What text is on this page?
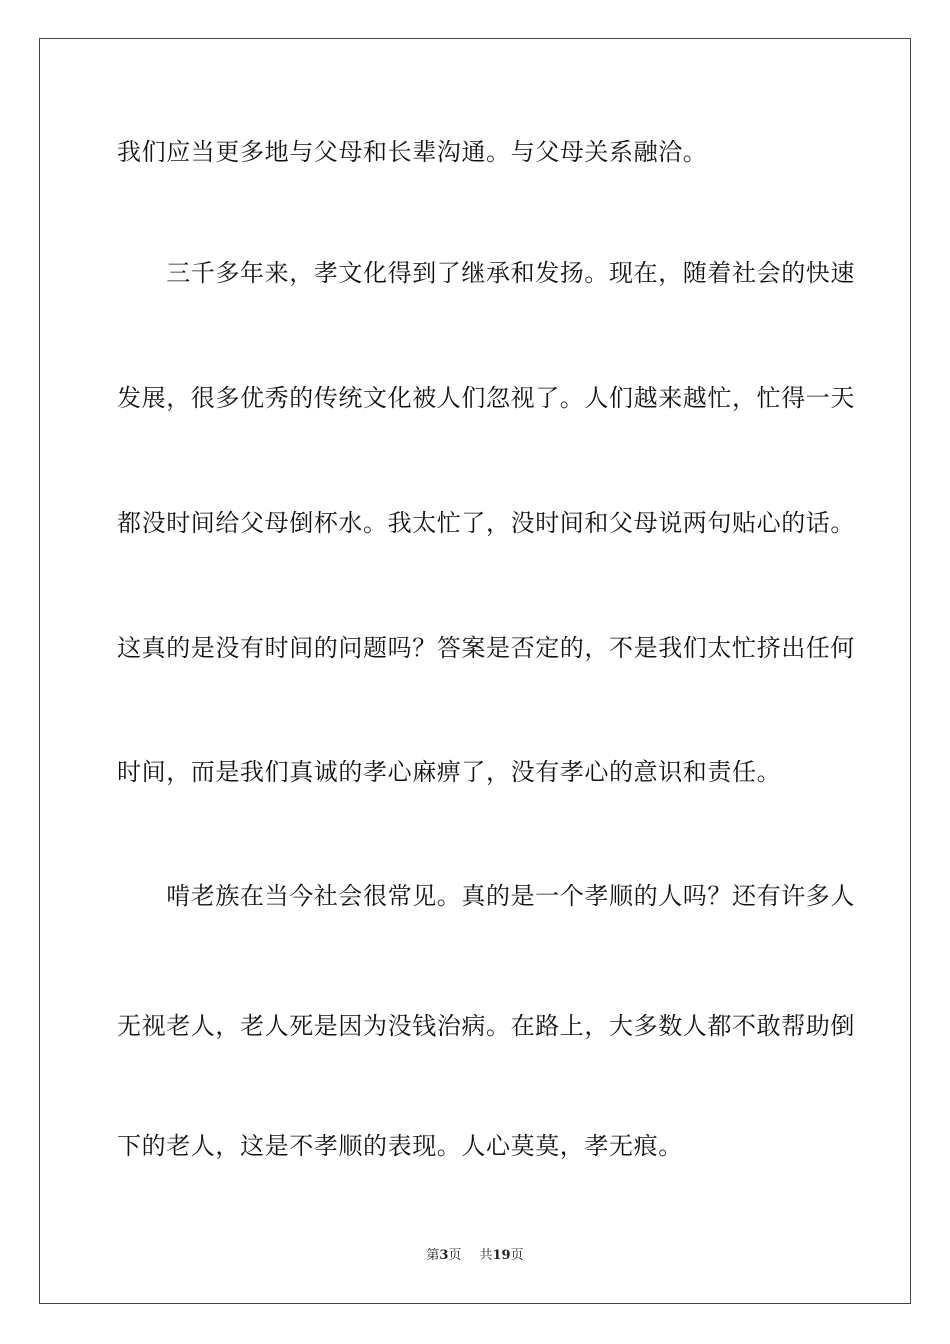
我们应当更多地与父母和长辈沟通。与父母关系融洽。
　　三千多年来，孝文化得到了继承和发扬。现在，随着社会的快速
发展，很多优秀的传统文化被人们忽视了。人们越来越忙，忙得一天
都没时间给父母倒杯水。我太忙了，没时间和父母说两句贴心的话。
这真的是没有时间的问题吗？答案是否定的，不是我们太忙挤出任何
时间，而是我们真诚的孝心麻痹了，没有孝心的意识和责任。
　　啃老族在当今社会很常见。真的是一个孝顺的人吗？还有许多人
无视老人，老人死是因为没钱治病。在路上，大多数人都不敢帮助倒
下的老人，这是不孝顺的表现。人心莫莫，孝无痕。
第3页 共19页
